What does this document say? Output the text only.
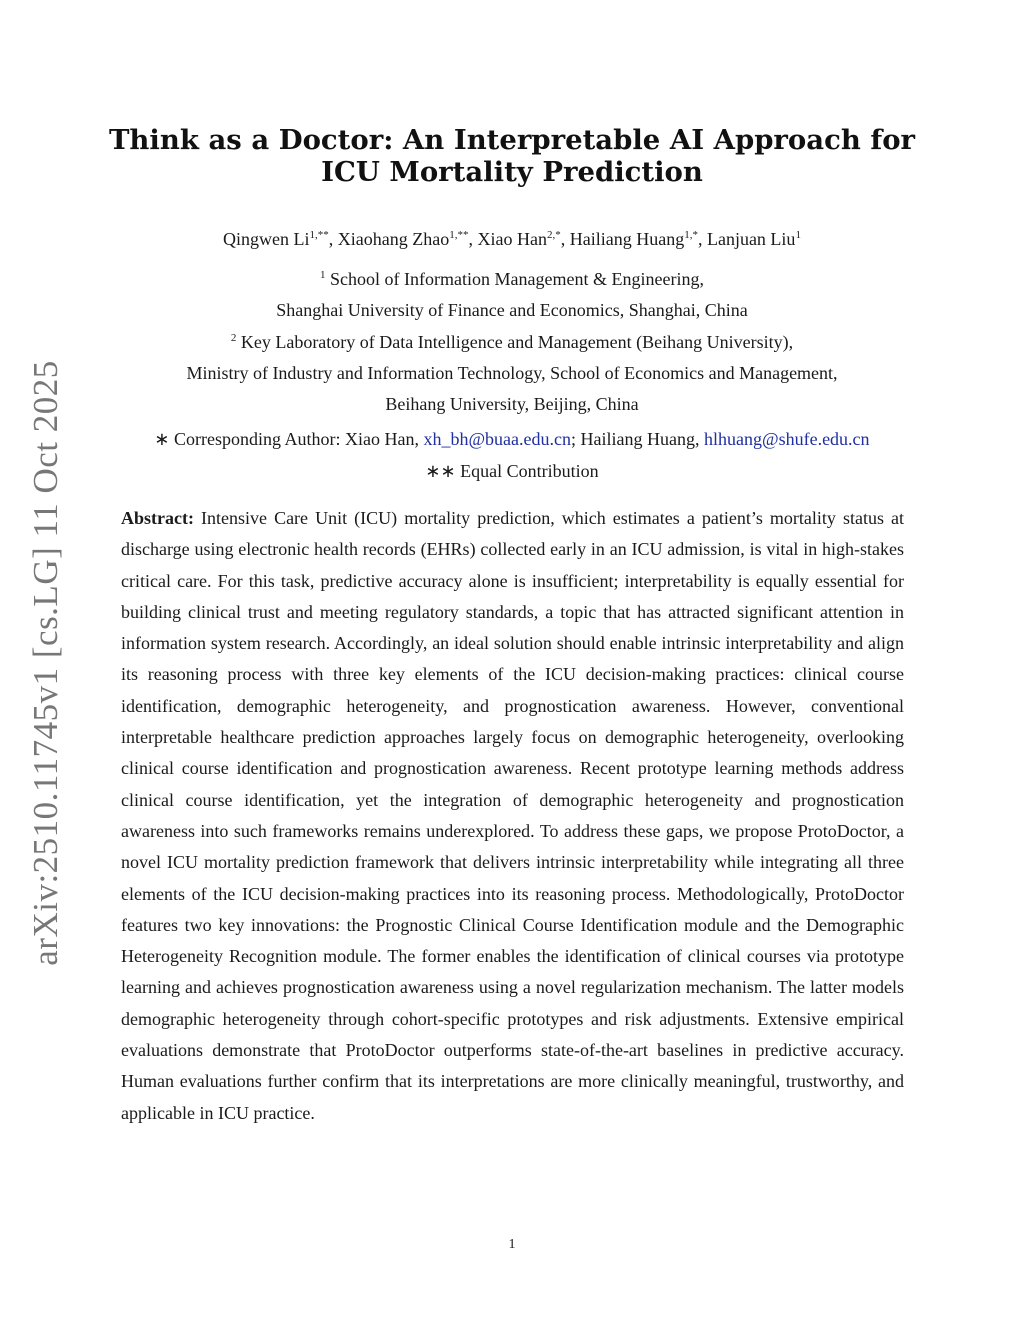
arXiv:2510.11745v1 [cs.LG] 11 Oct 2025
Think as a Doctor: An Interpretable AI Approach for
ICU Mortality Prediction
Qingwen $Li^{1,**}$, Xiaohang Zhao$^{1,**}$, Xiao Han$^{2,*}$, Hailiang Huang$^{1,*}$, Lanjuan Liu$^1$
$^1$ School of Information Management & Engineering,
Shanghai University of Finance and Economics, Shanghai, China
$^2$ Key Laboratory of Data Intelligence and Management (Beihang University),
Ministry of Industry and Information Technology, School of Economics and Management,
Beihang University, Beijing, China
∗ Corresponding Author: Xiao Han, xh_bh@buaa.edu.cn; Hailiang Huang, hlhuang@shufe.edu.cn
∗∗ Equal Contribution
Abstract: Intensive Care Unit (ICU) mortality prediction, which estimates a patient’s mortality status at discharge using electronic health records (EHRs) collected early in an ICU admission, is vital in high-stakes critical care. For this task, predictive accuracy alone is insufficient; interpretability is equally essential for building clinical trust and meeting regulatory standards, a topic that has attracted significant attention in information system research. Accordingly, an ideal solution should enable intrinsic interpretability and align its reasoning process with three key elements of the ICU decision-making practices: clinical course identification, demographic heterogeneity, and prognostication awareness. However, conventional interpretable healthcare prediction approaches largely focus on demographic heterogeneity, overlooking clinical course identification and prognostication awareness. Recent prototype learning methods address clinical course identification, yet the integration of demographic heterogeneity and prognostication awareness into such frameworks remains underexplored. To address these gaps, we propose ProtoDoctor, a novel ICU mortality prediction framework that delivers intrinsic interpretability while integrating all three elements of the ICU decision-making practices into its reasoning process. Methodologically, ProtoDoctor features two key innovations: the Prognostic Clinical Course Identification module and the Demographic Heterogeneity Recognition module. The former enables the identification of clinical courses via prototype learning and achieves prognostication awareness using a novel regularization mechanism. The latter models demographic heterogeneity through cohort-specific prototypes and risk adjustments. Extensive empirical evaluations demonstrate that ProtoDoctor outperforms state-of-the-art baselines in predictive accuracy. Human evaluations further confirm that its interpretations are more clinically meaningful, trustworthy, and applicable in ICU practice.
1
